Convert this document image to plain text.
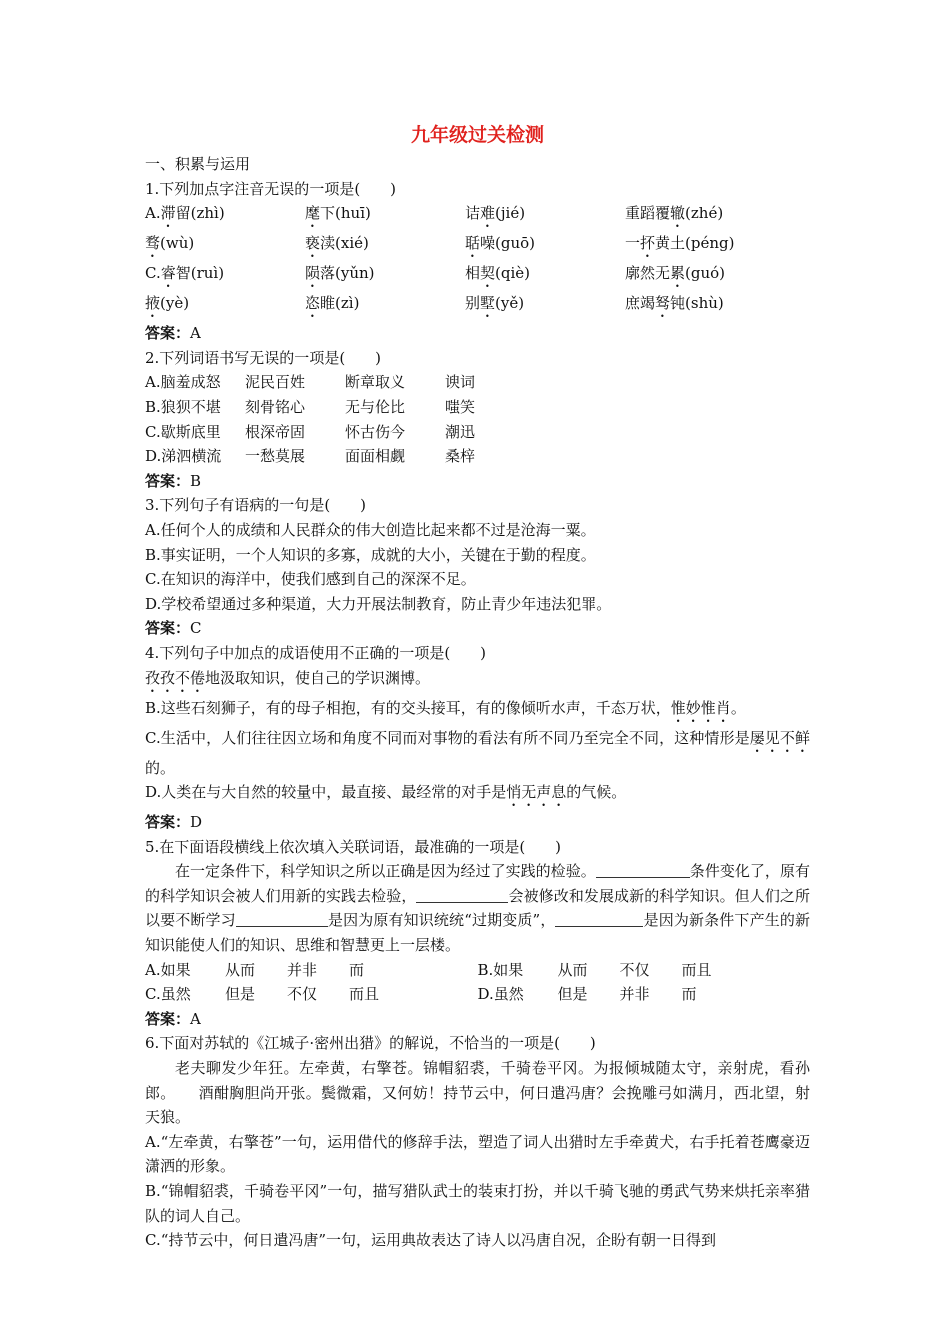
九年级过关检测
一、积累与运用
1.下列加点字注音无误的一项是(　　)
A.滞留(zhì)	麾下(huī)	诘难(jié)	重蹈覆辙(zhé)
骛(wù)	亵渎(xié)	聒噪(guō)	一抔黄土(péng)
C.睿智(ruì)	陨落(yǔn)	相契(qiè)	廓然无累(guó)
掖(yè)	恣睢(zì)	别墅(yě)	庶竭驽钝(shù)
答案：A
2.下列词语书写无误的一项是(　　)
A.脑羞成怒	泥民百姓	断章取义	谀词
B.狼狈不堪	刻骨铭心	无与伦比	嗤笑
C.歇斯底里	根深帝固	怀古伤今	潮迅
D.涕泗横流	一愁莫展	面面相觑	桑梓
答案：B
3.下列句子有语病的一句是(　　)
A.任何个人的成绩和人民群众的伟大创造比起来都不过是沧海一粟。
B.事实证明，一个人知识的多寡，成就的大小，关键在于勤的程度。
C.在知识的海洋中，使我们感到自己的深深不足。
D.学校希望通过多种渠道，大力开展法制教育，防止青少年违法犯罪。
答案：C
4.下列句子中加点的成语使用不正确的一项是(　　)
孜孜不倦地汲取知识，使自己的学识渊博。
B.这些石刻狮子，有的母子相抱，有的交头接耳，有的像倾听水声，千态万状，惟妙惟肖。
C.生活中，人们往往因立场和角度不同而对事物的看法有所不同乃至完全不同，这种情形是屡见不鲜的。
D.人类在与大自然的较量中，最直接、最经常的对手是悄无声息的气候。
答案：D
5.在下面语段横线上依次填入关联词语，最准确的一项是(　　)
在一定条件下，科学知识之所以正确是因为经过了实践的检验。	条件变化了，原有的科学知识会被人们用新的实践去检验，	会被修改和发展成新的科学知识。但人们之所以要不断学习	是因为原有知识统统“过期变质”，	是因为新条件下产生的新知识能使人们的知识、思维和智慧更上一层楼。
A.如果	从而	并非	而	B.如果	从而	不仅	而且
C.虽然	但是	不仅	而且	D.虽然	但是	并非	而
答案：A
6.下面对苏轼的《江城子·密州出猎》的解说，不恰当的一项是(　　)
老夫聊发少年狂。左牵黄，右擎苍。锦帽貂裘，千骑卷平冈。为报倾城随太守，亲射虎，看孙郎。　　酒酣胸胆尚开张。鬓微霜，又何妨！持节云中，何日遣冯唐？会挽雕弓如满月，西北望，射天狼。
A.“左牵黄，右擎苍”一句，运用借代的修辞手法，塑造了词人出猎时左手牵黄犬，右手托着苍鹰豪迈潇洒的形象。
B.“锦帽貂裘，千骑卷平冈”一句，描写猎队武士的装束打扮，并以千骑飞驰的勇武气势来烘托亲率猎队的词人自己。
C.“持节云中，何日遣冯唐”一句，运用典故表达了诗人以冯唐自况，企盼有朝一日得到
